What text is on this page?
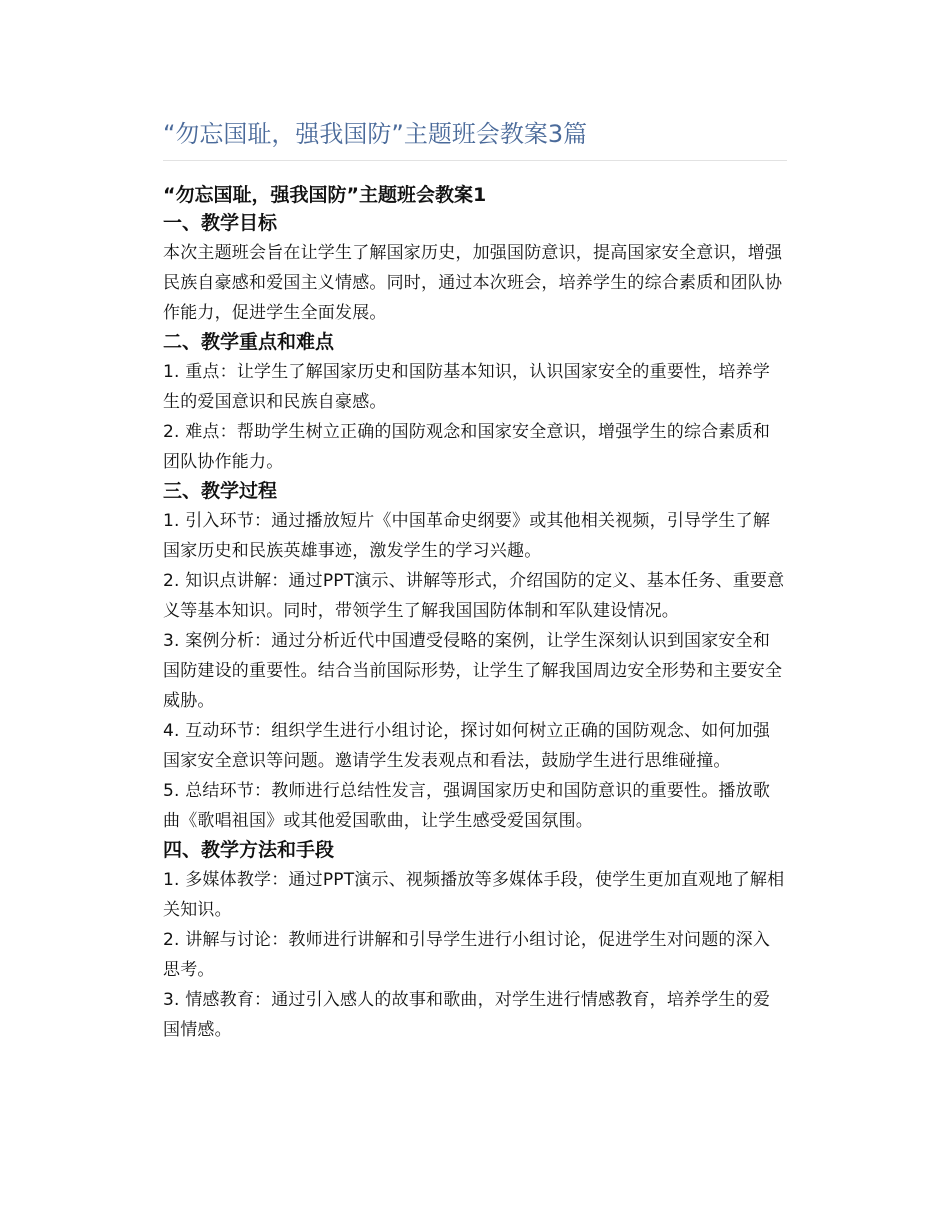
“勿忘国耻，强我国防”主题班会教案3篇
“勿忘国耻，强我国防”主题班会教案1
一、教学目标

本次主题班会旨在让学生了解国家历史，加强国防意识，提高国家安全意识，增强民族自豪感和爱国主义情感。同时，通过本次班会，培养学生的综合素质和团队协作能力，促进学生全面发展。

二、教学重点和难点

1. 重点：让学生了解国家历史和国防基本知识，认识国家安全的重要性，培养学生的爱国意识和民族自豪感。

2. 难点：帮助学生树立正确的国防观念和国家安全意识，增强学生的综合素质和团队协作能力。

三、教学过程

1. 引入环节：通过播放短片《中国革命史纲要》或其他相关视频，引导学生了解国家历史和民族英雄事迹，激发学生的学习兴趣。

2. 知识点讲解：通过PPT演示、讲解等形式，介绍国防的定义、基本任务、重要意义等基本知识。同时，带领学生了解我国国防体制和军队建设情况。

3. 案例分析：通过分析近代中国遭受侵略的案例，让学生深刻认识到国家安全和国防建设的重要性。结合当前国际形势，让学生了解我国周边安全形势和主要安全威胁。

4. 互动环节：组织学生进行小组讨论，探讨如何树立正确的国防观念、如何加强国家安全意识等问题。邀请学生发表观点和看法，鼓励学生进行思维碰撞。

5. 总结环节：教师进行总结性发言，强调国家历史和国防意识的重要性。播放歌曲《歌唱祖国》或其他爱国歌曲，让学生感受爱国氛围。

四、教学方法和手段

1. 多媒体教学：通过PPT演示、视频播放等多媒体手段，使学生更加直观地了解相关知识。

2. 讲解与讨论：教师进行讲解和引导学生进行小组讨论，促进学生对问题的深入思考。

3. 情感教育：通过引入感人的故事和歌曲，对学生进行情感教育，培养学生的爱国情感。
